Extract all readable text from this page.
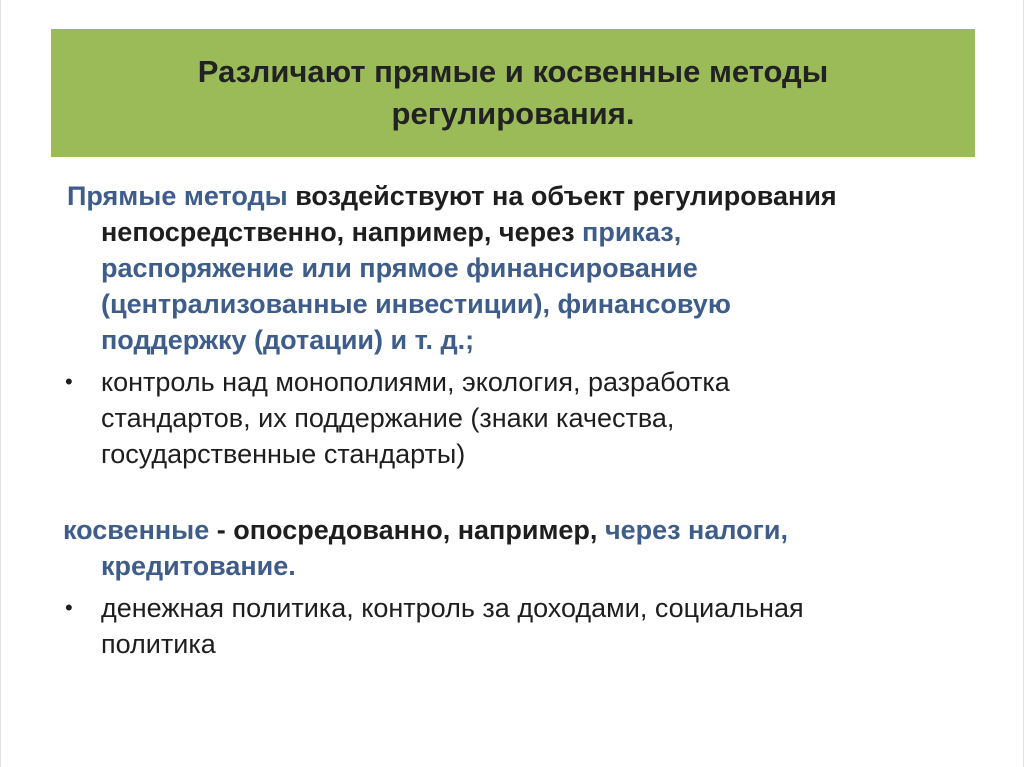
Различают прямые и косвенные методы
регулирования.
Прямые методы воздействуют на объект регулирования
непосредственно, например, через приказ,
распоряжение или прямое финансирование
(централизованные инвестиции), финансовую
поддержку (дотации) и т. д.;
• контроль над монополиями, экология, разработка
стандартов, их поддержание (знаки качества,
государственные стандарты)
косвенные - опосредованно, например, через налоги,
кредитование.
• денежная политика, контроль за доходами, социальная
политика
